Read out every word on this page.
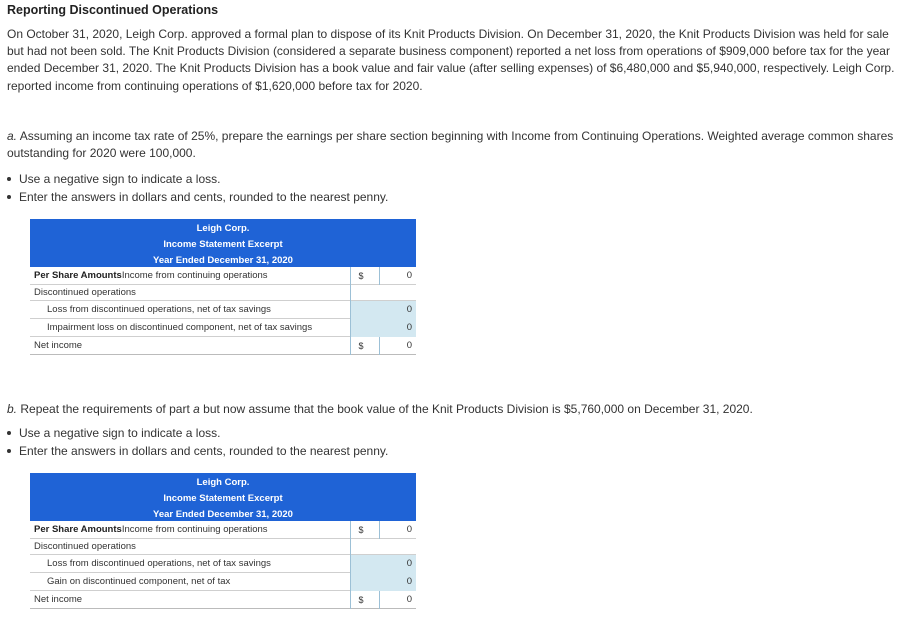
Reporting Discontinued Operations
On October 31, 2020, Leigh Corp. approved a formal plan to dispose of its Knit Products Division. On December 31, 2020, the Knit Products Division was held for sale but had not been sold. The Knit Products Division (considered a separate business component) reported a net loss from operations of $909,000 before tax for the year ended December 31, 2020. The Knit Products Division has a book value and fair value (after selling expenses) of $6,480,000 and $5,940,000, respectively. Leigh Corp. reported income from continuing operations of $1,620,000 before tax for 2020.
a. Assuming an income tax rate of 25%, prepare the earnings per share section beginning with Income from Continuing Operations. Weighted average common shares outstanding for 2020 were 100,000.
Use a negative sign to indicate a loss.
Enter the answers in dollars and cents, rounded to the nearest penny.
Leigh Corp.
Income Statement Excerpt
Year Ended December 31, 2020
Per Share AmountsIncome from continuing operations	$	0
Discontinued operations
Loss from discontinued operations, net of tax savings	0
Impairment loss on discontinued component, net of tax savings	0
Net income	$	0
b. Repeat the requirements of part a but now assume that the book value of the Knit Products Division is $5,760,000 on December 31, 2020.
Use a negative sign to indicate a loss.
Enter the answers in dollars and cents, rounded to the nearest penny.
Leigh Corp.
Income Statement Excerpt
Year Ended December 31, 2020
Per Share AmountsIncome from continuing operations	$	0
Discontinued operations
Loss from discontinued operations, net of tax savings	0
Gain on discontinued component, net of tax	0
Net income	$	0
